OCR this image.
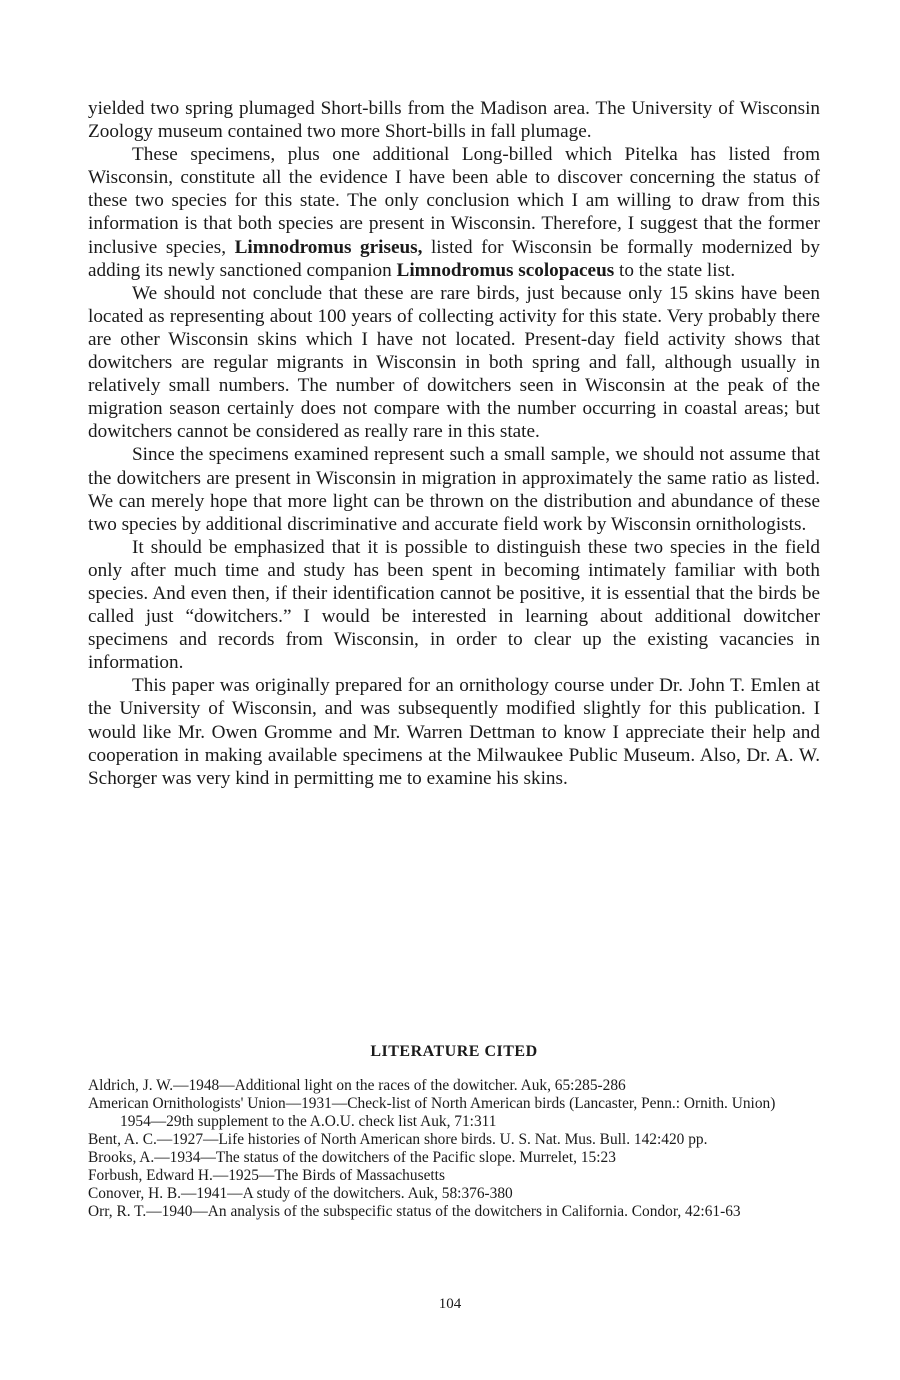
yielded two spring plumaged Short-bills from the Madison area. The University of Wisconsin Zoology museum contained two more Short-bills in fall plumage.

These specimens, plus one additional Long-billed which Pitelka has listed from Wisconsin, constitute all the evidence I have been able to discover concerning the status of these two species for this state. The only conclusion which I am willing to draw from this information is that both species are present in Wisconsin. Therefore, I suggest that the former inclusive species, Limnodromus griseus, listed for Wisconsin be formally modernized by adding its newly sanctioned companion Limnodromus scolopaceus to the state list.

We should not conclude that these are rare birds, just because only 15 skins have been located as representing about 100 years of collecting activity for this state. Very probably there are other Wisconsin skins which I have not located. Present-day field activity shows that dowitchers are regular migrants in Wisconsin in both spring and fall, although usually in relatively small numbers. The number of dowitchers seen in Wisconsin at the peak of the migration season certainly does not compare with the number occurring in coastal areas; but dowitchers cannot be considered as really rare in this state.

Since the specimens examined represent such a small sample, we should not assume that the dowitchers are present in Wisconsin in migration in approximately the same ratio as listed. We can merely hope that more light can be thrown on the distribution and abundance of these two species by additional discriminative and accurate field work by Wisconsin ornithologists.

It should be emphasized that it is possible to distinguish these two species in the field only after much time and study has been spent in becoming intimately familiar with both species. And even then, if their identification cannot be positive, it is essential that the birds be called just “dowitchers.” I would be interested in learning about additional dowitcher specimens and records from Wisconsin, in order to clear up the existing vacancies in information.

This paper was originally prepared for an ornithology course under Dr. John T. Emlen at the University of Wisconsin, and was subsequently modified slightly for this publication. I would like Mr. Owen Gromme and Mr. Warren Dettman to know I appreciate their help and cooperation in making available specimens at the Milwaukee Public Museum. Also, Dr. A. W. Schorger was very kind in permitting me to examine his skins.

LITERATURE CITED

Aldrich, J. W.—1948—Additional light on the races of the dowitcher. Auk, 65:285-286

American Ornithologists' Union—1931—Check-list of North American birds (Lancaster, Penn.: Ornith. Union)

1954—29th supplement to the A.O.U. check list Auk, 71:311

Bent, A. C.—1927—Life histories of North American shore birds. U. S. Nat. Mus. Bull. 142:420 pp.

Brooks, A.—1934—The status of the dowitchers of the Pacific slope. Murrelet, 15:23

Forbush, Edward H.—1925—The Birds of Massachusetts

Conover, H. B.—1941—A study of the dowitchers. Auk, 58:376-380

Orr, R. T.—1940—An analysis of the subspecific status of the dowitchers in California. Condor, 42:61-63

104
